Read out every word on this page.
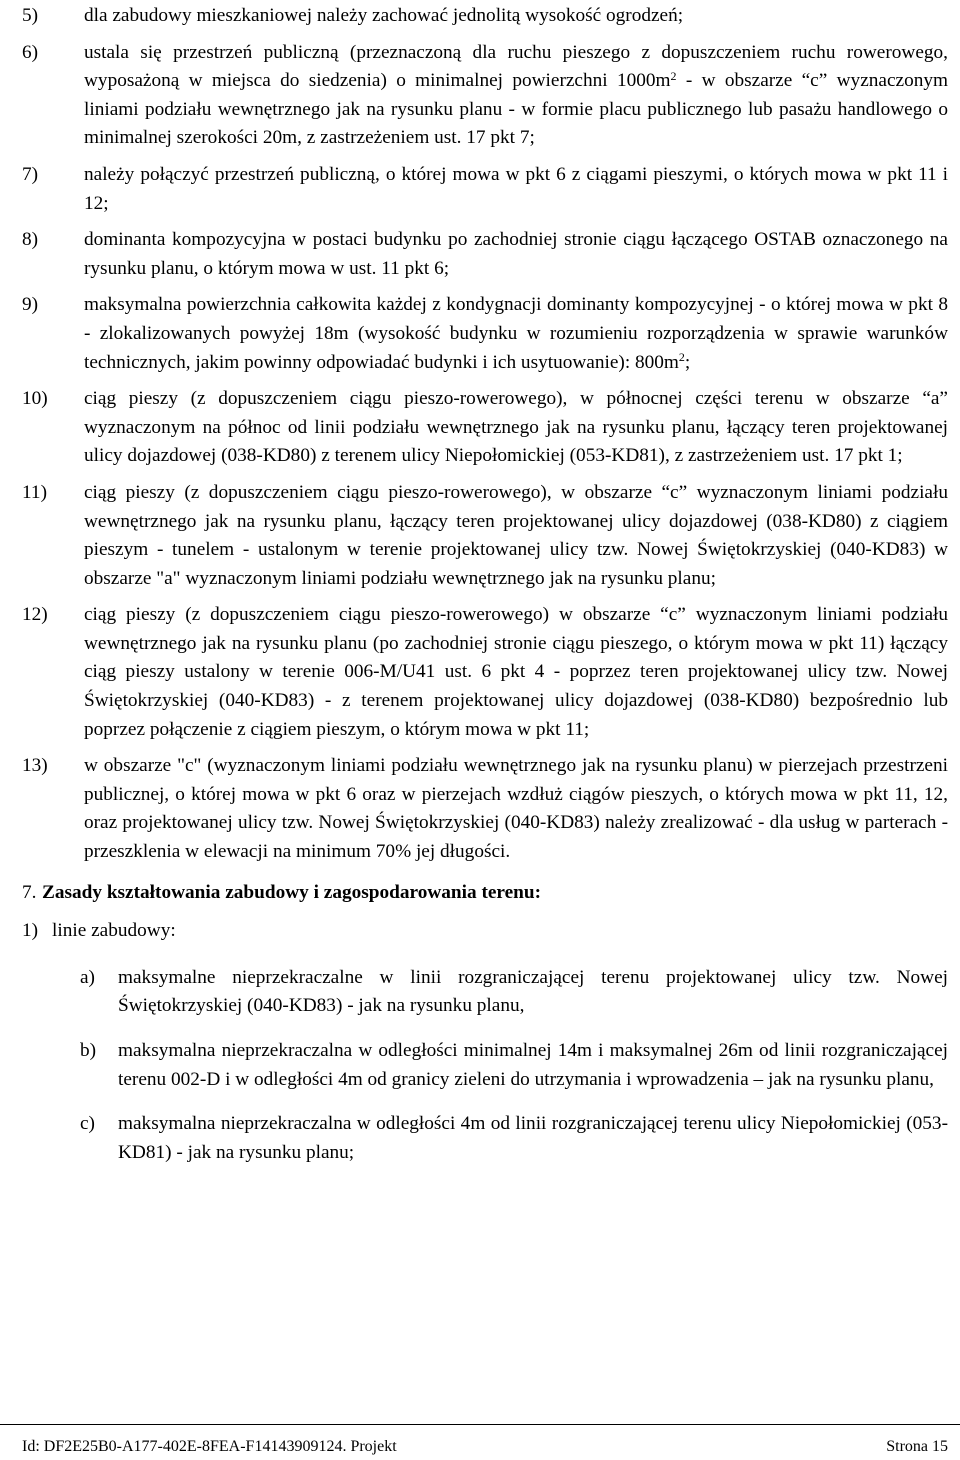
5)	dla zabudowy mieszkaniowej należy zachować jednolitą wysokość ogrodzeń;
6)	ustala się przestrzeń publiczną (przeznaczoną dla ruchu pieszego z dopuszczeniem ruchu rowerowego, wyposażoną w miejsca do siedzenia) o minimalnej powierzchni $1000m^2$ - w obszarze “c” wyznaczonym liniami podziału wewnętrznego jak na rysunku planu - w formie placu publicznego lub pasażu handlowego o minimalnej szerokości 20m, z zastrzeżeniem ust. 17 pkt 7;
7)	należy połączyć przestrzeń publiczną, o której mowa w pkt 6 z ciągami pieszymi, o których mowa w pkt 11 i 12;
8)	dominanta kompozycyjna w postaci budynku po zachodniej stronie ciągu łączącego OSTAB oznaczonego na rysunku planu, o którym mowa w ust. 11 pkt 6;
9)	maksymalna powierzchnia całkowita każdej z kondygnacji dominanty kompozycyjnej - o której mowa w pkt 8 - zlokalizowanych powyżej 18m (wysokość budynku w rozumieniu rozporządzenia w sprawie warunków technicznych, jakim powinny odpowiadać budynki i ich usytuowanie): $800m^2$;
10)	ciąg pieszy (z dopuszczeniem ciągu pieszo-rowerowego), w północnej części terenu w obszarze “a” wyznaczonym na północ od linii podziału wewnętrznego jak na rysunku planu, łączący teren projektowanej ulicy dojazdowej (038-KD80) z terenem ulicy Niepołomickiej (053-KD81), z zastrzeżeniem ust. 17 pkt 1;
11)	ciąg pieszy (z dopuszczeniem ciągu pieszo-rowerowego), w obszarze “c” wyznaczonym liniami podziału wewnętrznego jak na rysunku planu, łączący teren projektowanej ulicy dojazdowej (038-KD80) z ciągiem pieszym - tunelem - ustalonym w terenie projektowanej ulicy tzw. Nowej Świętokrzyskiej (040-KD83) w obszarze "a" wyznaczonym liniami podziału wewnętrznego jak na rysunku planu;
12)	ciąg pieszy (z dopuszczeniem ciągu pieszo-rowerowego) w obszarze “c” wyznaczonym liniami podziału wewnętrznego jak na rysunku planu (po zachodniej stronie ciągu pieszego, o którym mowa w pkt 11) łączący ciąg pieszy ustalony w terenie 006-M/U41 ust. 6 pkt 4 - poprzez teren projektowanej ulicy tzw. Nowej Świętokrzyskiej (040-KD83) - z terenem projektowanej ulicy dojazdowej (038-KD80) bezpośrednio lub poprzez połączenie z ciągiem pieszym, o którym mowa w pkt 11;
13)	w obszarze "c" (wyznaczonym liniami podziału wewnętrznego jak na rysunku planu) w pierzejach przestrzeni publicznej, o której mowa w pkt 6 oraz w pierzejach wzdłuż ciągów pieszych, o których mowa w pkt 11, 12, oraz projektowanej ulicy tzw. Nowej Świętokrzyskiej (040-KD83) należy zrealizować - dla usług w parterach - przeszklenia w elewacji na minimum 70% jej długości.
7. Zasady kształtowania zabudowy i zagospodarowania terenu:
1) linie zabudowy:
a)	maksymalne nieprzekraczalne w linii rozgraniczającej terenu projektowanej ulicy tzw. Nowej Świętokrzyskiej (040-KD83) - jak na rysunku planu,
b)	maksymalna nieprzekraczalna w odległości minimalnej 14m i maksymalnej 26m od linii rozgraniczającej terenu 002-D i w odległości 4m od granicy zieleni do utrzymania i wprowadzenia – jak na rysunku planu,
c)	maksymalna nieprzekraczalna w odległości 4m od linii rozgraniczającej terenu ulicy Niepołomickiej (053-KD81) - jak na rysunku planu;
Id: DF2E25B0-A177-402E-8FEA-F14143909124. Projekt	Strona 15
